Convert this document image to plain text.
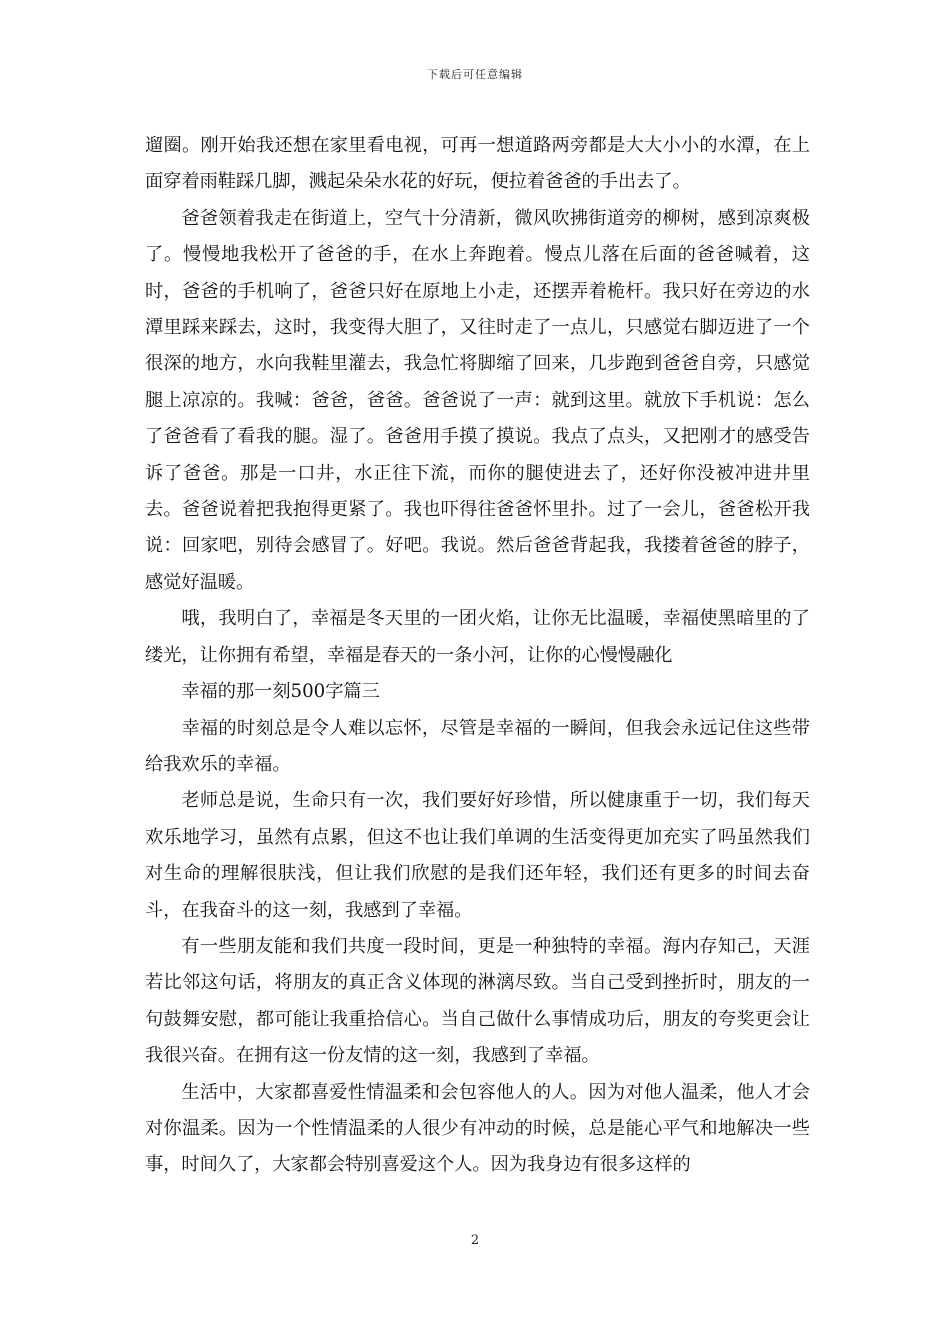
下载后可任意编辑

遛圈。刚开始我还想在家里看电视，可再一想道路两旁都是大大小小的水潭，在上面穿着雨鞋踩几脚，溅起朵朵水花的好玩，便拉着爸爸的手出去了。

爸爸领着我走在街道上，空气十分清新，微风吹拂街道旁的柳树，感到凉爽极了。慢慢地我松开了爸爸的手，在水上奔跑着。慢点儿落在后面的爸爸喊着，这时，爸爸的手机响了，爸爸只好在原地上小走，还摆弄着桅杆。我只好在旁边的水潭里踩来踩去，这时，我变得大胆了，又往时走了一点儿，只感觉右脚迈进了一个很深的地方，水向我鞋里灌去，我急忙将脚缩了回来，几步跑到爸爸自旁，只感觉腿上凉凉的。我喊：爸爸，爸爸。爸爸说了一声：就到这里。就放下手机说：怎么了爸爸看了看我的腿。湿了。爸爸用手摸了摸说。我点了点头，又把刚才的感受告诉了爸爸。那是一口井，水正往下流，而你的腿使进去了，还好你没被冲进井里去。爸爸说着把我抱得更紧了。我也吓得往爸爸怀里扑。过了一会儿，爸爸松开我说：回家吧，别待会感冒了。好吧。我说。然后爸爸背起我，我搂着爸爸的脖子，感觉好温暖。

哦，我明白了，幸福是冬天里的一团火焰，让你无比温暖，幸福使黑暗里的了缕光，让你拥有希望，幸福是春天的一条小河，让你的心慢慢融化

幸福的那一刻500字篇三

幸福的时刻总是令人难以忘怀，尽管是幸福的一瞬间，但我会永远记住这些带给我欢乐的幸福。

老师总是说，生命只有一次，我们要好好珍惜，所以健康重于一切，我们每天欢乐地学习，虽然有点累，但这不也让我们单调的生活变得更加充实了吗虽然我们对生命的理解很肤浅，但让我们欣慰的是我们还年轻，我们还有更多的时间去奋斗，在我奋斗的这一刻，我感到了幸福。

有一些朋友能和我们共度一段时间，更是一种独特的幸福。海内存知己，天涯若比邻这句话，将朋友的真正含义体现的淋漓尽致。当自己受到挫折时，朋友的一句鼓舞安慰，都可能让我重拾信心。当自己做什么事情成功后，朋友的夸奖更会让我很兴奋。在拥有这一份友情的这一刻，我感到了幸福。

生活中，大家都喜爱性情温柔和会包容他人的人。因为对他人温柔，他人才会对你温柔。因为一个性情温柔的人很少有冲动的时候，总是能心平气和地解决一些事，时间久了，大家都会特别喜爱这个人。因为我身边有很多这样的

2
